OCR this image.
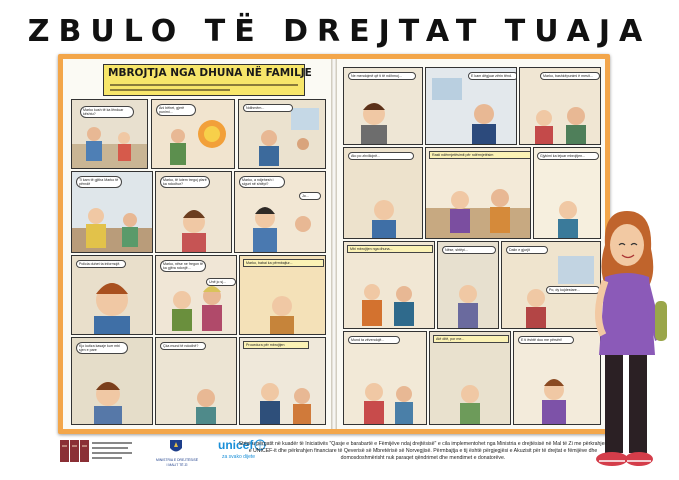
ZBULO TË DREJTAT TUAJA
MBROJTJA NGA DHUNA NË FAMILJE
Marko kush të ka lënduar kështu?
Ani bëhet, gjerë punimi...
Ndihmëm...
Ti kam të gjitha Marko të përndë
Marko, të lutem tregoj çfarë ka ndodhur?
Marko, a ndjehesh i sigurt në shtëpi?
Jo...
Policia duhet ta informojë.	Marko, nëse ne fregon të ka gjëra ndonjë...
Unë jo sj...
Marko, babai ka përmbajtur...
Kjo kutiza kasaje kurr mbi sjen e pare
Çka mund të ndodhë?	Procedura për mbrojtjen
Ne mendojmë që ti të ndihmoj...	E kam dëgjuar zërin tënd.	Marko, bashkëpunimi ë mesit...
Ato po zhvillojnë...	Rasti ndërmjetësimit për ndërmjetësim	Gjykimi ka lejuar mbrojtjen...
Mbi mbrojtjen nga dhuna...	Nëse, shtëpi...	Dalin e gjurjit
Po, dy kujdestare...
Mund ta zëvendojë...	Atë ditë, por me...	E ti është duu me përsëri!
MINISTRIA E DREJTËSISË
I MALIT TË ZI
unicef
za svako dijete
Stripi u përgatit në kuadër të Iniciativës "Qasje e barabartë e Fëmijëve ndaj drejtësisë" e cila implementohet nga Ministria e drejtësisë në Mal të Zi me përkrahjen e UNICEF-it dhe përkrahjen financiare të Qeverisë së Mbretërisë së Norvegjisë. Përmbajtja e tij është përgjegjësi e Akuzisit për të drejtat e fëmijëve dhe domosdoshmërisht nuk paraqet qëndrimet dhe mendimet e donatorëve.
